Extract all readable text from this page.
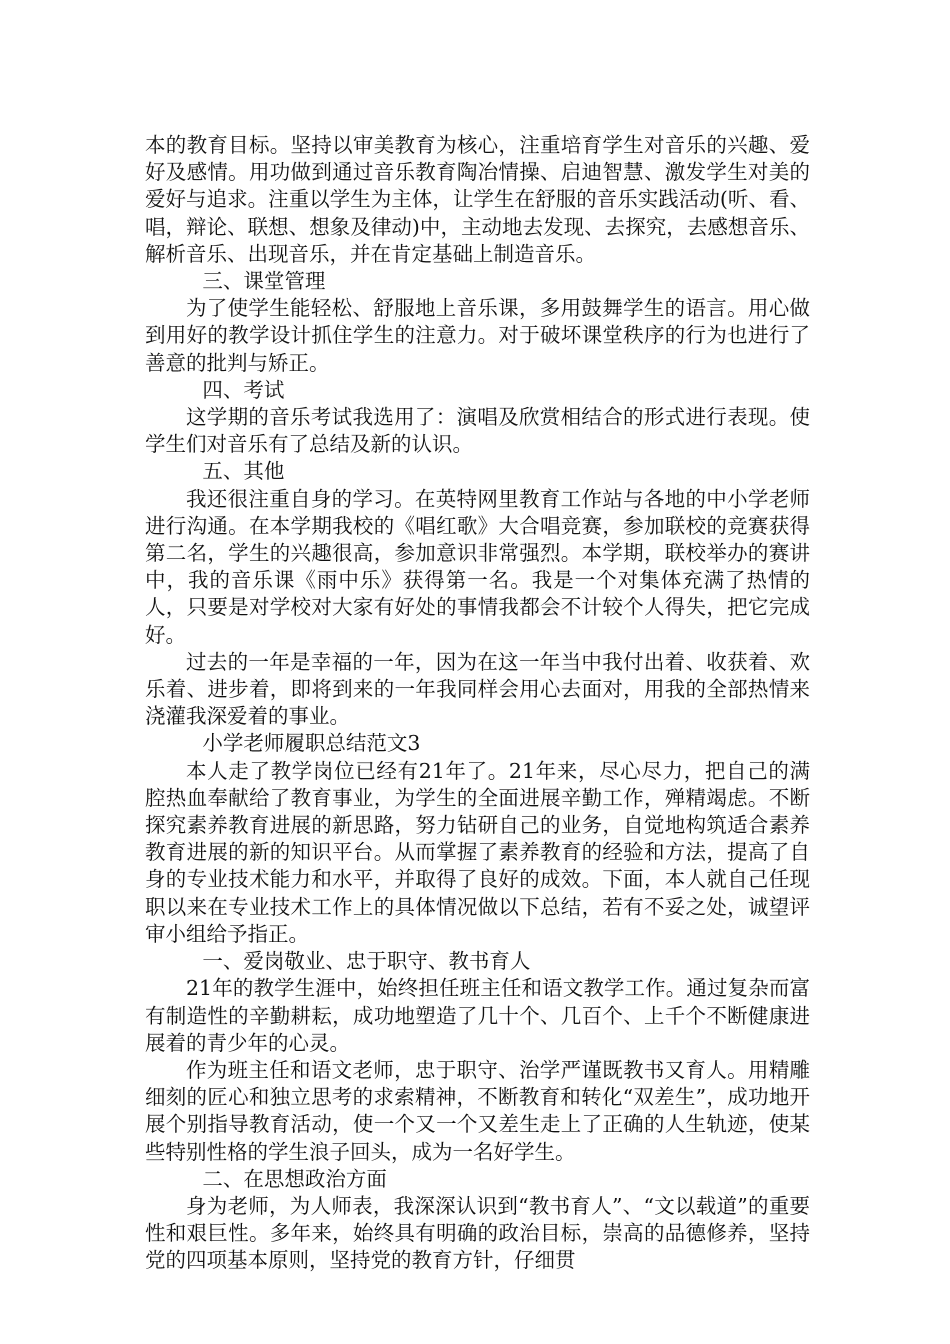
本的教育目标。坚持以审美教育为核心，注重培育学生对音乐的兴趣、爱好及感情。用功做到通过音乐教育陶冶情操、启迪智慧、激发学生对美的爱好与追求。注重以学生为主体，让学生在舒服的音乐实践活动(听、看、唱，辩论、联想、想象及律动)中，主动地去发现、去探究，去感想音乐、解析音乐、出现音乐，并在肯定基础上制造音乐。

三、课堂管理

为了使学生能轻松、舒服地上音乐课，多用鼓舞学生的语言。用心做到用好的教学设计抓住学生的注意力。对于破坏课堂秩序的行为也进行了善意的批判与矫正。

四、考试

这学期的音乐考试我选用了：演唱及欣赏相结合的形式进行表现。使学生们对音乐有了总结及新的认识。

五、其他

我还很注重自身的学习。在英特网里教育工作站与各地的中小学老师进行沟通。在本学期我校的《唱红歌》大合唱竞赛，参加联校的竞赛获得第二名，学生的兴趣很高，参加意识非常强烈。本学期，联校举办的赛讲中，我的音乐课《雨中乐》获得第一名。我是一个对集体充满了热情的人，只要是对学校对大家有好处的事情我都会不计较个人得失，把它完成好。

过去的一年是幸福的一年，因为在这一年当中我付出着、收获着、欢乐着、进步着，即将到来的一年我同样会用心去面对，用我的全部热情来浇灌我深爱着的事业。

小学老师履职总结范文3

本人走了教学岗位已经有21年了。21年来，尽心尽力，把自己的满腔热血奉献给了教育事业，为学生的全面进展辛勤工作，殚精竭虑。不断探究素养教育进展的新思路，努力钻研自己的业务，自觉地构筑适合素养教育进展的新的知识平台。从而掌握了素养教育的经验和方法，提高了自身的专业技术能力和水平，并取得了良好的成效。下面，本人就自己任现职以来在专业技术工作上的具体情况做以下总结，若有不妥之处，诚望评审小组给予指正。

一、爱岗敬业、忠于职守、教书育人

21年的教学生涯中，始终担任班主任和语文教学工作。通过复杂而富有制造性的辛勤耕耘，成功地塑造了几十个、几百个、上千个不断健康进展着的青少年的心灵。

作为班主任和语文老师，忠于职守、治学严谨既教书又育人。用精雕细刻的匠心和独立思考的求索精神，不断教育和转化“双差生”，成功地开展个别指导教育活动，使一个又一个又差生走上了正确的人生轨迹，使某些特别性格的学生浪子回头，成为一名好学生。

二、在思想政治方面

身为老师，为人师表，我深深认识到“教书育人”、“文以载道”的重要性和艰巨性。多年来，始终具有明确的政治目标，崇高的品德修养，坚持党的四项基本原则，坚持党的教育方针，仔细贯
